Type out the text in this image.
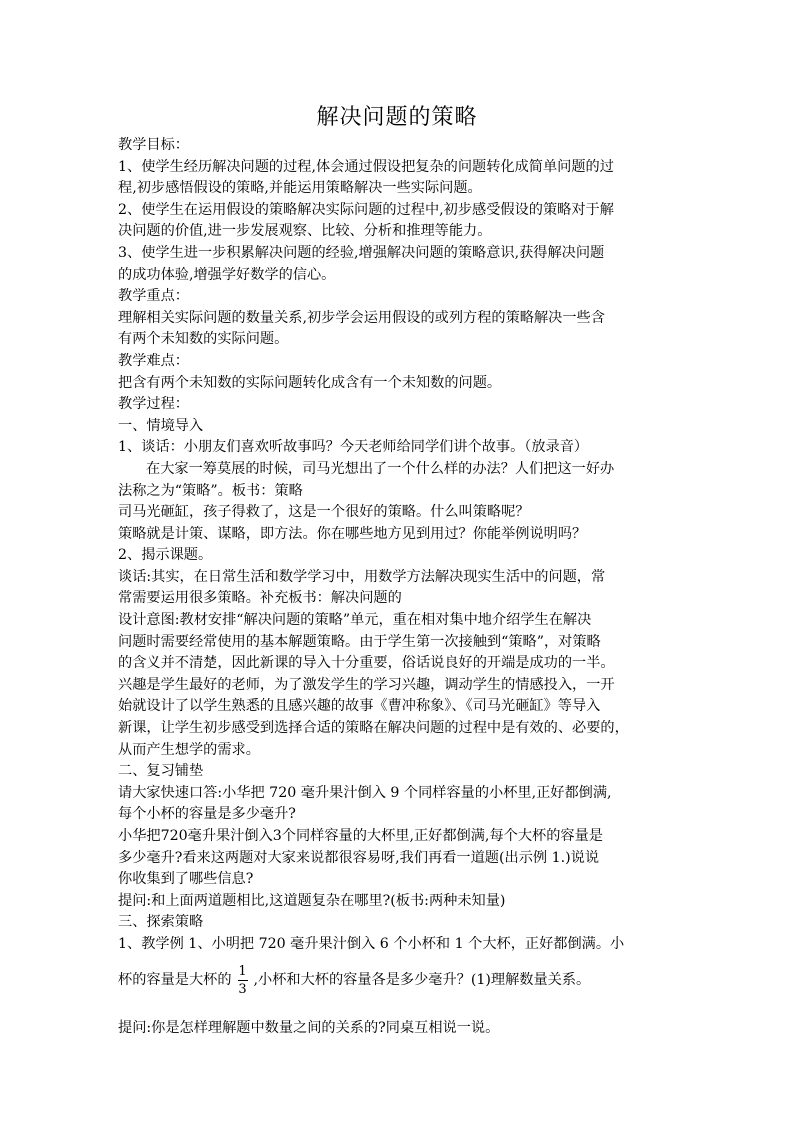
解决问题的策略

教学目标：

1、使学生经历解决问题的过程,体会通过假设把复杂的问题转化成简单问题的过

程,初步感悟假设的策略,并能运用策略解决一些实际问题。

2、使学生在运用假设的策略解决实际问题的过程中,初步感受假设的策略对于解

决问题的价值,进一步发展观察、比较、分析和推理等能力。

3、使学生进一步积累解决问题的经验,增强解决问题的策略意识,获得解决问题

的成功体验,增强学好数学的信心。

教学重点：

理解相关实际问题的数量关系,初步学会运用假设的或列方程的策略解决一些含

有两个未知数的实际问题。

教学难点：

把含有两个未知数的实际问题转化成含有一个未知数的问题。

教学过程：

一、情境导入

1、谈话：小朋友们喜欢听故事吗？今天老师给同学们讲个故事。（放录音）

在大家一筹莫展的时候，司马光想出了一个什么样的办法？人们把这一好办

法称之为“策略”。板书：策略

司马光砸缸，孩子得救了，这是一个很好的策略。什么叫策略呢？

策略就是计策、谋略，即方法。你在哪些地方见到用过？你能举例说明吗？

2、揭示课题。

谈话:其实，在日常生活和数学学习中，用数学方法解决现实生活中的问题，常

常需要运用很多策略。补充板书：解决问题的

设计意图:教材安排“解决问题的策略”单元，重在相对集中地介绍学生在解决

问题时需要经常使用的基本解题策略。由于学生第一次接触到“策略”，对策略

的含义并不清楚，因此新课的导入十分重要，俗话说良好的开端是成功的一半。

兴趣是学生最好的老师，为了激发学生的学习兴趣，调动学生的情感投入，一开

始就设计了以学生熟悉的且感兴趣的故事《曹冲称象》、《司马光砸缸》等导入

新课，让学生初步感受到选择合适的策略在解决问题的过程中是有效的、必要的，

从而产生想学的需求。

二、复习铺垫

请大家快速口答:小华把 720 毫升果汁倒入 9 个同样容量的小杯里,正好都倒满,

每个小杯的容量是多少毫升?

小华把720毫升果汁倒入3个同样容量的大杯里,正好都倒满,每个大杯的容量是

多少毫升?看来这两题对大家来说都很容易呀,我们再看一道题(出示例 1.)说说

你收集到了哪些信息?

提问:和上面两道题相比,这道题复杂在哪里?(板书:两种未知量)

三、探索策略

1、教学例 1、小明把 720 毫升果汁倒入 6 个小杯和 1 个大杯，正好都倒满。小

杯的容量是大杯的 $\frac{1}{3}$ ,小杯和大杯的容量各是多少毫升？(1)理解数量关系。

提问:你是怎样理解题中数量之间的关系的?同桌互相说一说。
